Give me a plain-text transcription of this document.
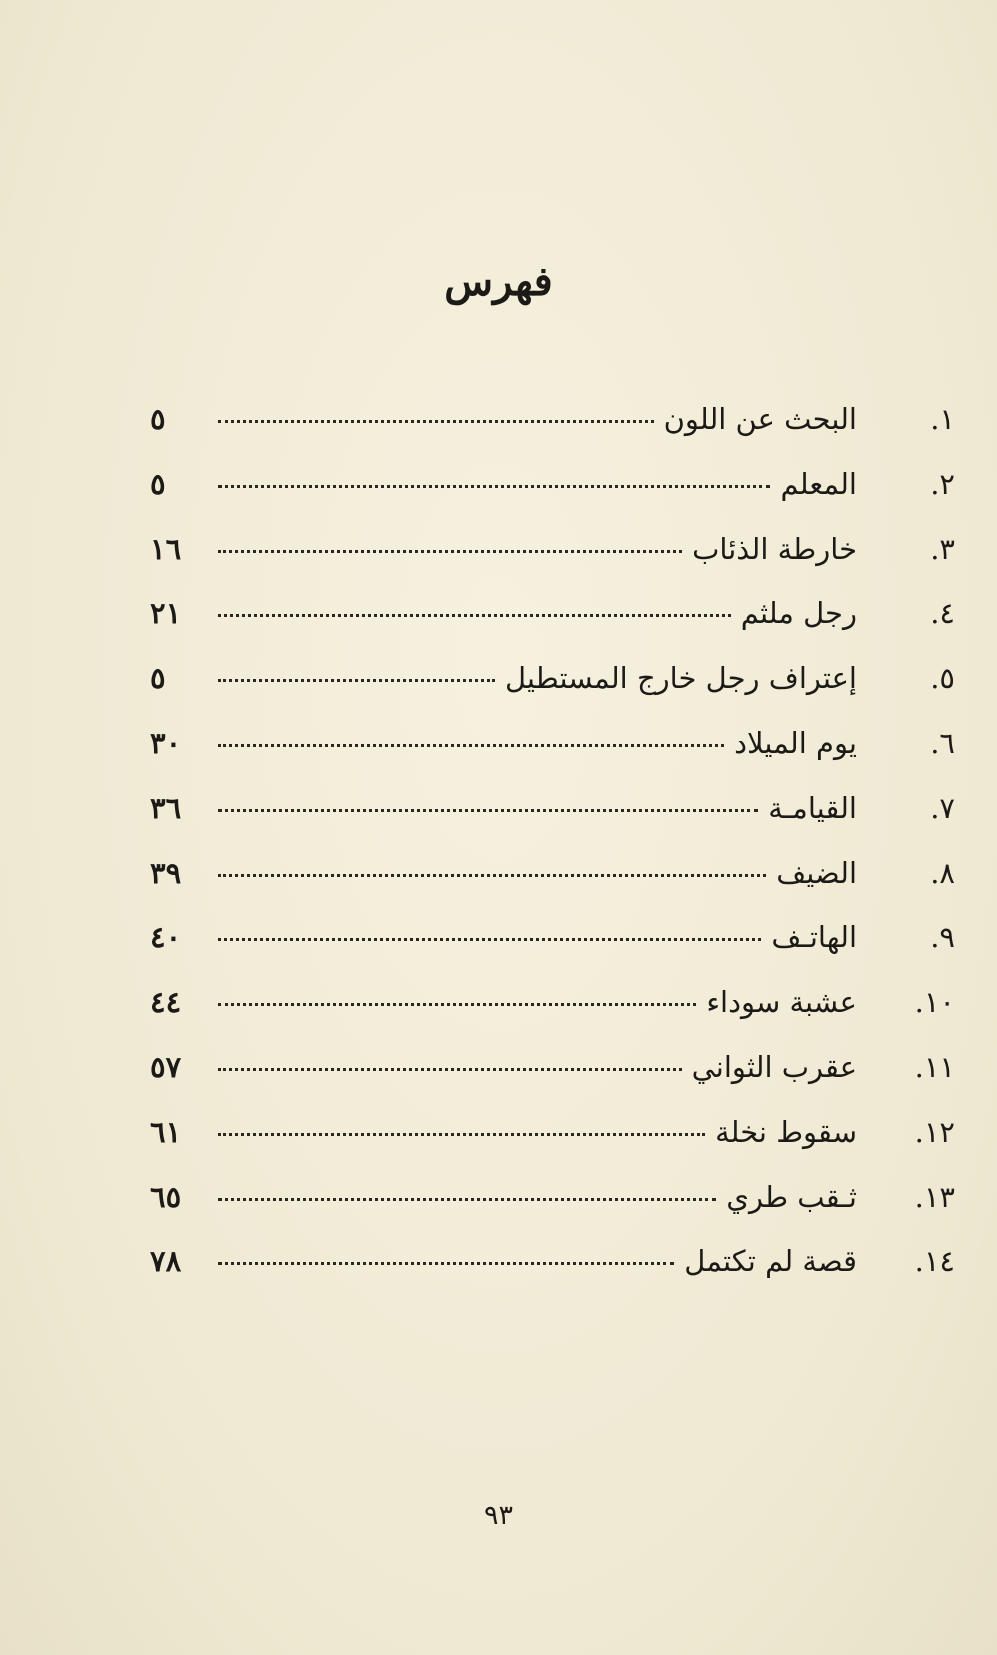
فهرس
١.
البحث عن اللون
٥
٢.
المعلم
٥
٣.
خارطة الذئاب
١٦
٤.
رجل ملثم
٢١
٥.
إعتراف رجل خارج المستطيل
٥
٦.
يوم الميلاد
٣٠
٧.
القيامـة
٣٦
٨.
الضيف
٣٩
٩.
الهاتـف
٤٠
١٠.
عشبة سوداء
٤٤
١١.
عقرب الثواني
٥٧
١٢.
سقوط نخلة
٦١
١٣.
ثـقب طري
٦٥
١٤.
قصة لم تكتمل
٧٨
٩٣
